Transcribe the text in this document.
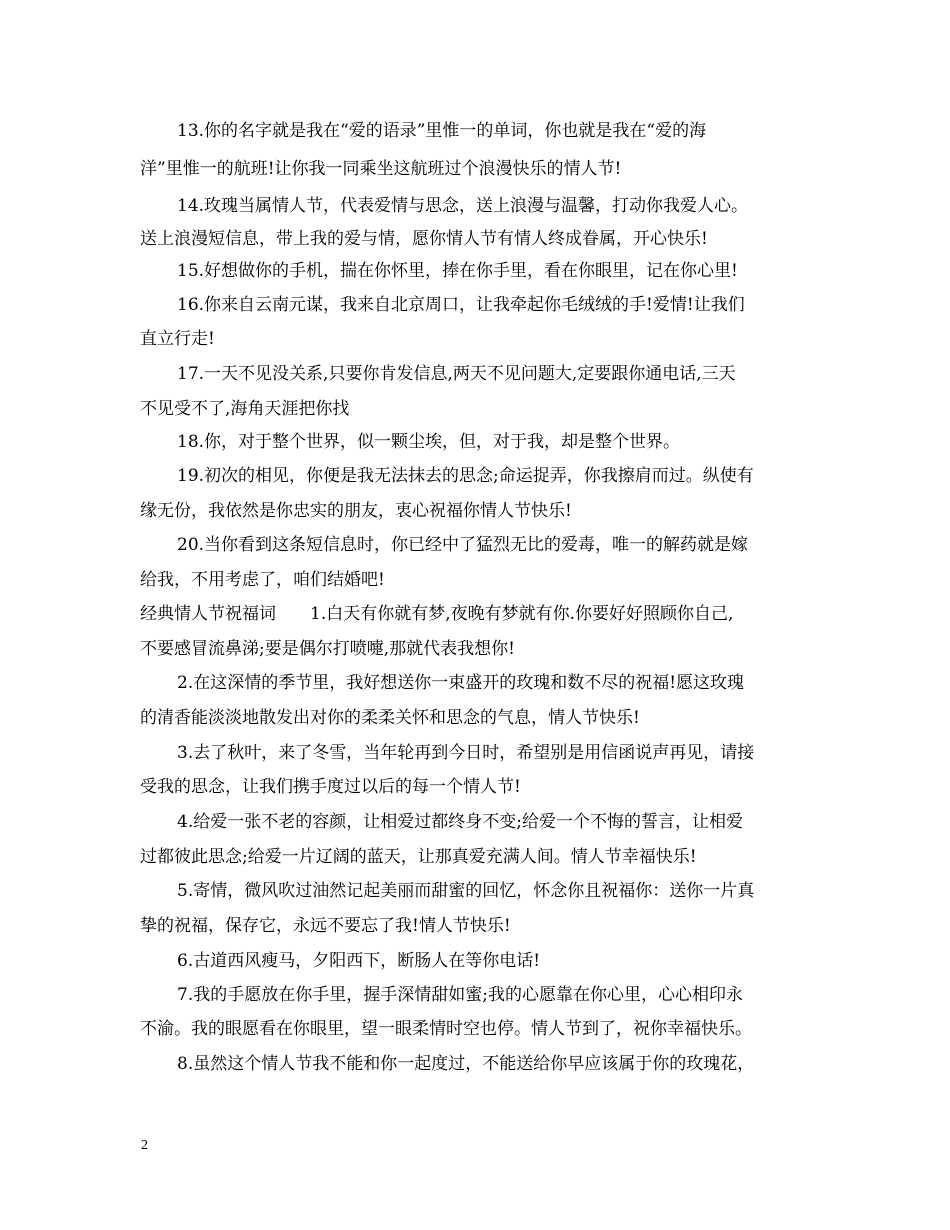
13.你的名字就是我在“爱的语录”里惟一的单词，你也就是我在“爱的海
洋”里惟一的航班!让你我一同乘坐这航班过个浪漫快乐的情人节!
14.玫瑰当属情人节，代表爱情与思念，送上浪漫与温馨，打动你我爱人心。
送上浪漫短信息，带上我的爱与情，愿你情人节有情人终成眷属，开心快乐!
15.好想做你的手机，揣在你怀里，捧在你手里，看在你眼里，记在你心里!
16.你来自云南元谋，我来自北京周口，让我牵起你毛绒绒的手!爱情!让我们
直立行走!
17.一天不见没关系,只要你肯发信息,两天不见问题大,定要跟你通电话,三天
不见受不了,海角天涯把你找
18.你，对于整个世界，似一颗尘埃，但，对于我，却是整个世界。
19.初次的相见，你便是我无法抹去的思念;命运捉弄，你我擦肩而过。纵使有
缘无份，我依然是你忠实的朋友，衷心祝福你情人节快乐!
20.当你看到这条短信息时，你已经中了猛烈无比的爱毒，唯一的解药就是嫁
给我，不用考虑了，咱们结婚吧!
经典情人节祝福词　　1.白天有你就有梦,夜晚有梦就有你.你要好好照顾你自己,
不要感冒流鼻涕;要是偶尔打喷嚏,那就代表我想你!
2.在这深情的季节里，我好想送你一束盛开的玫瑰和数不尽的祝福!愿这玫瑰
的清香能淡淡地散发出对你的柔柔关怀和思念的气息，情人节快乐!
3.去了秋叶，来了冬雪，当年轮再到今日时，希望别是用信函说声再见，请接
受我的思念，让我们携手度过以后的每一个情人节!
4.给爱一张不老的容颜，让相爱过都终身不变;给爱一个不悔的誓言，让相爱
过都彼此思念;给爱一片辽阔的蓝天，让那真爱充满人间。情人节幸福快乐!
5.寄情，微风吹过油然记起美丽而甜蜜的回忆，怀念你且祝福你：送你一片真
挚的祝福，保存它，永远不要忘了我!情人节快乐!
6.古道西风瘦马，夕阳西下，断肠人在等你电话!
7.我的手愿放在你手里，握手深情甜如蜜;我的心愿靠在你心里，心心相印永
不渝。我的眼愿看在你眼里，望一眼柔情时空也停。情人节到了，祝你幸福快乐。
8.虽然这个情人节我不能和你一起度过，不能送给你早应该属于你的玫瑰花，
2
